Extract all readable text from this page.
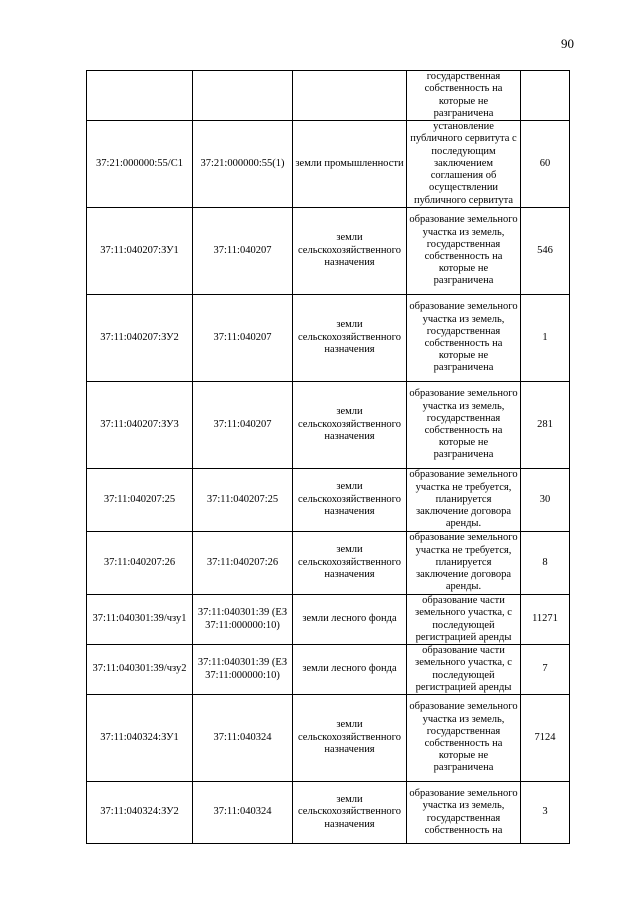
90
			государственная собственность на которые не разграничена	
37:21:000000:55/С1	37:21:000000:55(1)	земли промышленности	установление публичного сервитута с последующим заключением соглашения об осуществлении публичного сервитута	60
37:11:040207:ЗУ1	37:11:040207	земли сельскохозяйственного назначения	образование земельного участка из земель, государственная собственность на которые не разграничена	546
37:11:040207:ЗУ2	37:11:040207	земли сельскохозяйственного назначения	образование земельного участка из земель, государственная собственность на которые не разграничена	1
37:11:040207:ЗУ3	37:11:040207	земли сельскохозяйственного назначения	образование земельного участка из земель, государственная собственность на которые не разграничена	281
37:11:040207:25	37:11:040207:25	земли сельскохозяйственного назначения	образование земельного участка не требуется, планируется заключение договора аренды.	30
37:11:040207:26	37:11:040207:26	земли сельскохозяйственного назначения	образование земельного участка не требуется, планируется заключение договора аренды.	8
37:11:040301:39/чзу1	37:11:040301:39 (ЕЗ 37:11:000000:10)	земли лесного фонда	образование части земельного участка, с последующей регистрацией аренды	11271
37:11:040301:39/чзу2	37:11:040301:39 (ЕЗ 37:11:000000:10)	земли лесного фонда	образование части земельного участка, с последующей регистрацией аренды	7
37:11:040324:ЗУ1	37:11:040324	земли сельскохозяйственного назначения	образование земельного участка из земель, государственная собственность на которые не разграничена	7124
37:11:040324:ЗУ2	37:11:040324	земли сельскохозяйственного назначения	образование земельного участка из земель, государственная собственность на	3
